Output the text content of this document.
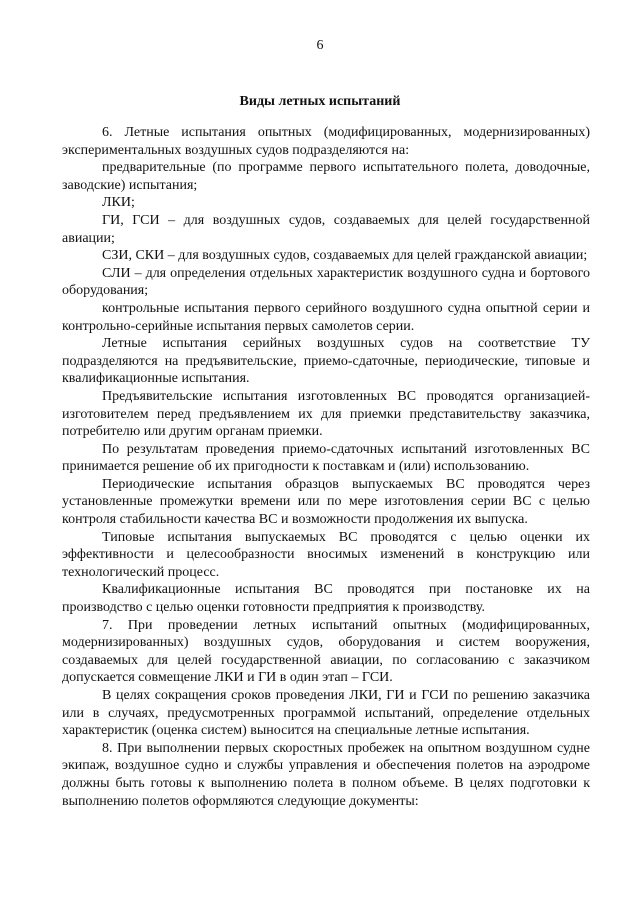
6
Виды летных испытаний

6. Летные испытания опытных (модифицированных, модернизированных) экспериментальных воздушных судов подразделяются на:

предварительные (по программе первого испытательного полета, доводочные, заводские) испытания;

ЛКИ;

ГИ, ГСИ – для воздушных судов, создаваемых для целей государственной авиации;

СЗИ, СКИ – для воздушных судов, создаваемых для целей гражданской авиации;

СЛИ – для определения отдельных характеристик воздушного судна и бортового оборудования;

контрольные испытания первого серийного воздушного судна опытной серии и контрольно-серийные испытания первых самолетов серии.

Летные испытания серийных воздушных судов на соответствие ТУ подразделяются на предъявительские, приемо-сдаточные, периодические, типовые и квалификационные испытания.

Предъявительские испытания изготовленных ВС проводятся организацией-изготовителем перед предъявлением их для приемки представительству заказчика, потребителю или другим органам приемки.

По результатам проведения приемо-сдаточных испытаний изготовленных ВС принимается решение об их пригодности к поставкам и (или) использованию.

Периодические испытания образцов выпускаемых ВС проводятся через установленные промежутки времени или по мере изготовления серии ВС с целью контроля стабильности качества ВС и возможности продолжения их выпуска.

Типовые испытания выпускаемых ВС проводятся с целью оценки их эффективности и целесообразности вносимых изменений в конструкцию или технологический процесс.

Квалификационные испытания ВС проводятся при постановке их на производство с целью оценки готовности предприятия к производству.

7. При проведении летных испытаний опытных (модифицированных, модернизированных) воздушных судов, оборудования и систем вооружения, создаваемых для целей государственной авиации, по согласованию с заказчиком допускается совмещение ЛКИ и ГИ в один этап – ГСИ.

В целях сокращения сроков проведения ЛКИ, ГИ и ГСИ по решению заказчика или в случаях, предусмотренных программой испытаний, определение отдельных характеристик (оценка систем) выносится на специальные летные испытания.

8. При выполнении первых скоростных пробежек на опытном воздушном судне экипаж, воздушное судно и службы управления и обеспечения полетов на аэродроме должны быть готовы к выполнению полета в полном объеме. В целях подготовки к выполнению полетов оформляются следующие документы:
